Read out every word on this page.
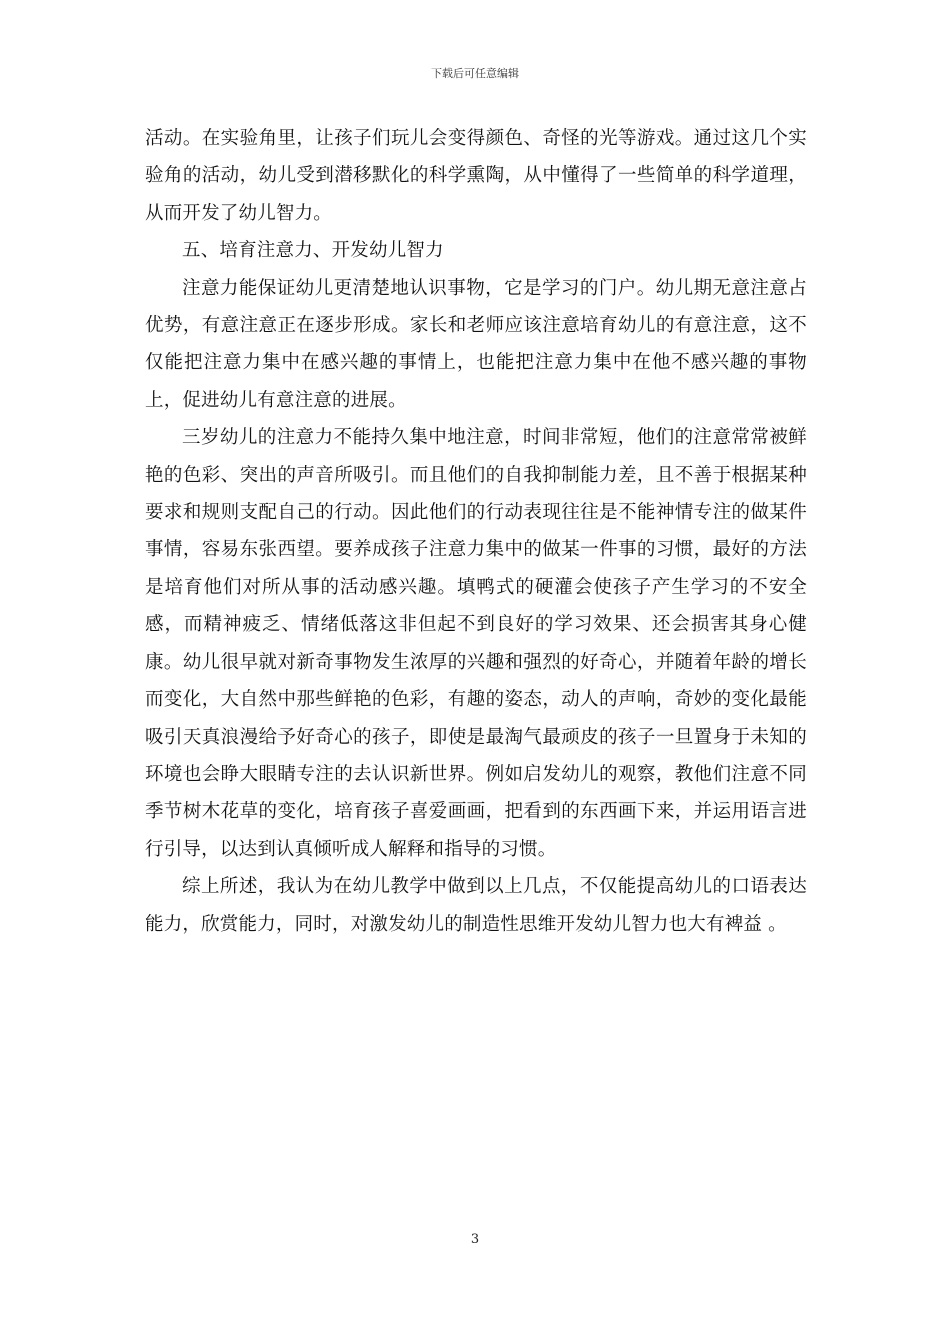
下载后可任意编辑

活动。在实验角里，让孩子们玩儿会变得颜色、奇怪的光等游戏。通过这几个实验角的活动，幼儿受到潜移默化的科学熏陶，从中懂得了一些简单的科学道理，从而开发了幼儿智力。

五、培育注意力、开发幼儿智力

注意力能保证幼儿更清楚地认识事物，它是学习的门户。幼儿期无意注意占优势，有意注意正在逐步形成。家长和老师应该注意培育幼儿的有意注意，这不仅能把注意力集中在感兴趣的事情上，也能把注意力集中在他不感兴趣的事物上，促进幼儿有意注意的进展。

三岁幼儿的注意力不能持久集中地注意，时间非常短，他们的注意常常被鲜艳的色彩、突出的声音所吸引。而且他们的自我抑制能力差，且不善于根据某种要求和规则支配自己的行动。因此他们的行动表现往往是不能神情专注的做某件事情，容易东张西望。要养成孩子注意力集中的做某一件事的习惯，最好的方法是培育他们对所从事的活动感兴趣。填鸭式的硬灌会使孩子产生学习的不安全感，而精神疲乏、情绪低落这非但起不到良好的学习效果、还会损害其身心健康。幼儿很早就对新奇事物发生浓厚的兴趣和强烈的好奇心，并随着年龄的增长而变化，大自然中那些鲜艳的色彩，有趣的姿态，动人的声响，奇妙的变化最能吸引天真浪漫给予好奇心的孩子，即使是最淘气最顽皮的孩子一旦置身于未知的环境也会睁大眼睛专注的去认识新世界。例如启发幼儿的观察，教他们注意不同季节树木花草的变化，培育孩子喜爱画画，把看到的东西画下来，并运用语言进行引导，以达到认真倾听成人解释和指导的习惯。

综上所述，我认为在幼儿教学中做到以上几点，不仅能提高幼儿的口语表达能力，欣赏能力，同时，对激发幼儿的制造性思维开发幼儿智力也大有裨益 。

3
